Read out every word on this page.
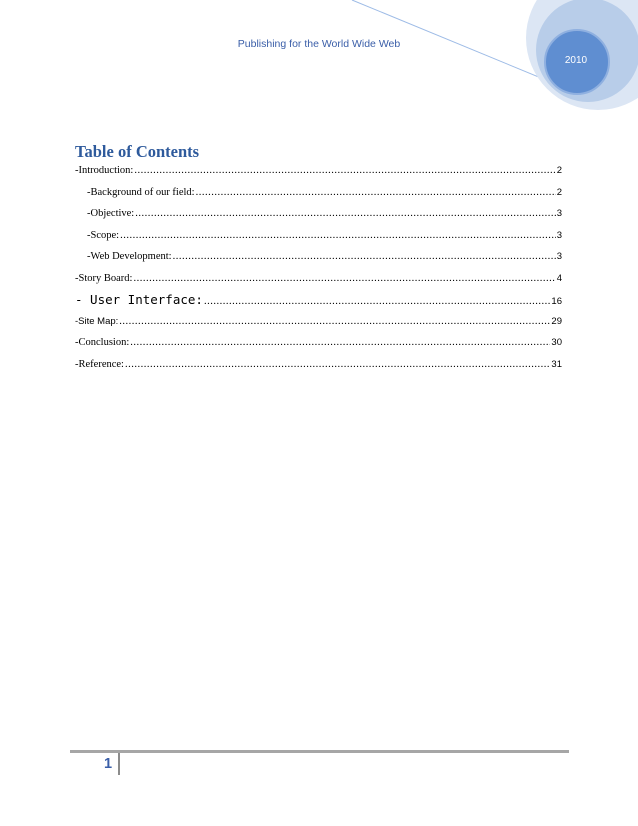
Publishing for the World Wide Web
2010
Table of Contents
-Introduction: .....	2
-Background of our field: .....	2
-Objective: .....	3
-Scope: .....	3
-Web Development: .....	3
-Story Board: .....	4
- User Interface: .....	16
-Site Map: .....	29
-Conclusion: .....	30
-Reference: .....	31
1
